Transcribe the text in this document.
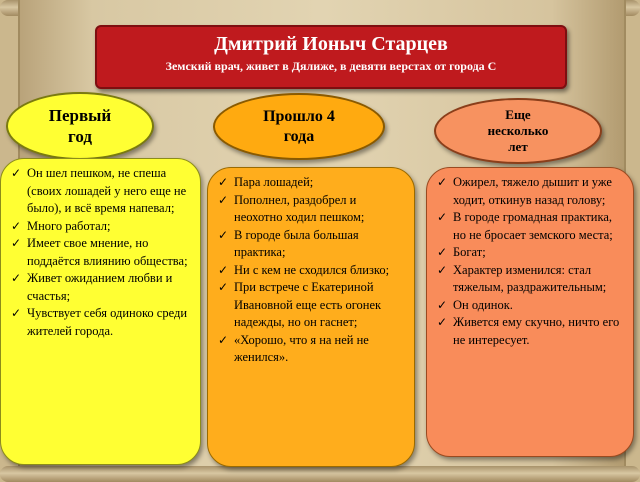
Дмитрий Ионыч Старцев
Земский врач, живет в Дялиже, в девяти верстах от города С
Первый
год
Прошло 4
года
Еще
несколько
лет
✓ Он шел пешком, не спеша (своих лошадей у него еще не было), и всё время напевал;
✓ Много работал;
✓ Имеет свое мнение, но поддаётся влиянию общества;
✓ Живет ожиданием любви и счастья;
✓ Чувствует себя одиноко среди жителей города.
✓ Пара лошадей;
✓ Пополнел, раздобрел и неохотно ходил пешком;
✓ В городе была большая практика;
✓ Ни с кем не сходился близко;
✓ При встрече с Екатериной Ивановной еще есть огонек надежды, но он гаснет;
✓ «Хорошо, что я на ней не женился».
✓ Ожирел, тяжело дышит и уже ходит, откинув назад голову;
✓ В городе громадная практика, но не бросает земского места;
✓ Богат;
✓ Характер изменился: стал тяжелым, раздражительным;
✓ Он одинок.
✓ Живется ему скучно, ничто его не интересует.
